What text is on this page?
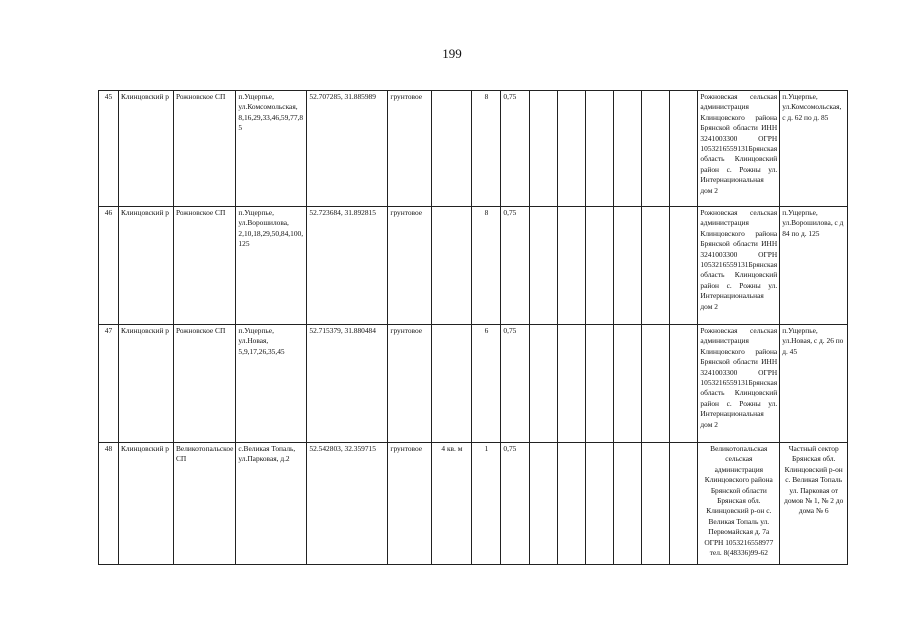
199
45	Клинцовский р	Рожновское СП	п.Ущерпье, ул.Комсомольская, 8,16,29,33,46,59,77,8 5	52.707285, 31.885989	грунтовое		8	0,75							Рожновская сельская администрация Клинцовского района Брянской области ИНН 3241003300 ОГРН 1053216559131Брянская область Клинцовский район с. Рожны ул. Интернациональная дом 2	п.Ущерпье, ул.Комсомольская, с д. 62 по д. 85
46	Клинцовский р	Рожновское СП	п.Ущерпье, ул.Ворошилова, 2,10,18,29,50,84,100, 125	52.723684, 31.892815	грунтовое		8	0,75							Рожновская сельская администрация Клинцовского района Брянской области ИНН 3241003300 ОГРН 1053216559131Брянская область Клинцовский район с. Рожны ул. Интернациональная дом 2	п.Ущерпье, ул.Ворошилова, с д 84 по д. 125
47	Клинцовский р	Рожновское СП	п.Ущерпье, ул.Новая, 5,9,17,26,35,45	52.715379, 31.880484	грунтовое		6	0,75							Рожновская сельская администрация Клинцовского района Брянской области ИНН 3241003300 ОГРН 1053216559131Брянская область Клинцовский район с. Рожны ул. Интернациональная дом 2	п.Ущерпье, ул.Новая, с д. 26 по д. 45
48	Клинцовский р	Великотопальское СП	с.Великая Топаль, ул.Парковая, д.2	52.542803, 32.359715	грунтовое	4 кв. м	1	0,75							Великотопальская сельская администрация Клинцовского района Брянской области Брянская обл. Клинцовский р-он с. Великая Топаль ул. Первомайская д. 7а ОГРН 1053216558977 тел. 8(48336)99-62	Частный сектор Брянская обл. Клинцовский р-он с. Великая Топаль ул. Парковая от домов № 1, № 2 до дома № 6
